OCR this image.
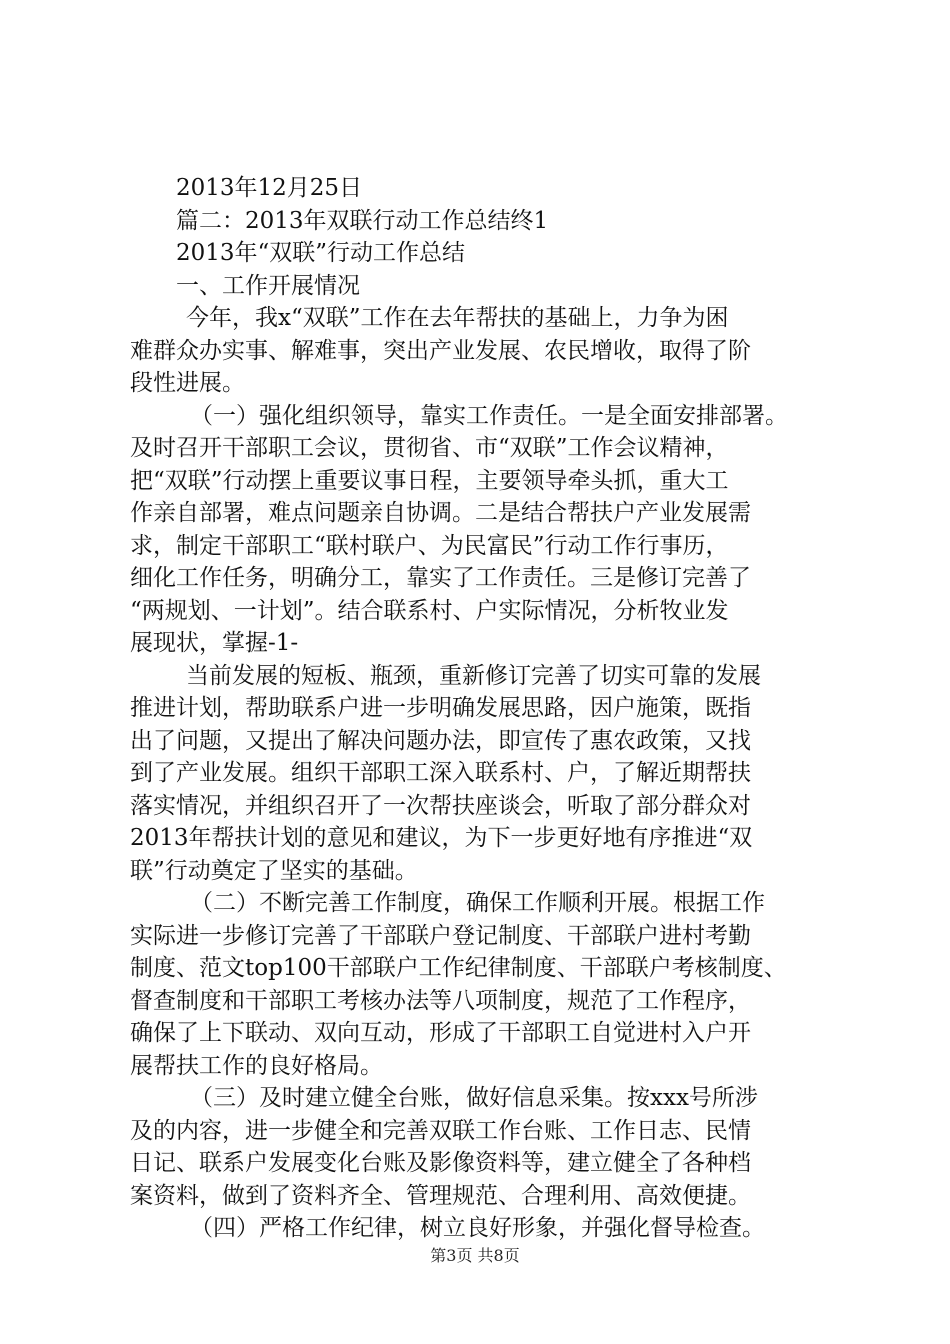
2013年12月25日
篇二：2013年双联行动工作总结终1
2013年“双联”行动工作总结
一、工作开展情况
今年，我x“双联”工作在去年帮扶的基础上，力争为困
难群众办实事、解难事，突出产业发展、农民增收，取得了阶
段性进展。
（一）强化组织领导，靠实工作责任。一是全面安排部署。
及时召开干部职工会议，贯彻省、市“双联”工作会议精神，
把“双联”行动摆上重要议事日程，主要领导牵头抓，重大工
作亲自部署，难点问题亲自协调。二是结合帮扶户产业发展需
求，制定干部职工“联村联户、为民富民”行动工作行事历，
细化工作任务，明确分工，靠实了工作责任。三是修订完善了
“两规划、一计划”。结合联系村、户实际情况，分析牧业发
展现状，掌握-1-
当前发展的短板、瓶颈，重新修订完善了切实可靠的发展
推进计划，帮助联系户进一步明确发展思路，因户施策，既指
出了问题，又提出了解决问题办法，即宣传了惠农政策，又找
到了产业发展。组织干部职工深入联系村、户，了解近期帮扶
落实情况，并组织召开了一次帮扶座谈会，听取了部分群众对
2013年帮扶计划的意见和建议，为下一步更好地有序推进“双
联”行动奠定了坚实的基础。
（二）不断完善工作制度，确保工作顺利开展。根据工作
实际进一步修订完善了干部联户登记制度、干部联户进村考勤
制度、范文top100干部联户工作纪律制度、干部联户考核制度、
督查制度和干部职工考核办法等八项制度，规范了工作程序，
确保了上下联动、双向互动，形成了干部职工自觉进村入户开
展帮扶工作的良好格局。
（三）及时建立健全台账，做好信息采集。按xxx号所涉
及的内容，进一步健全和完善双联工作台账、工作日志、民情
日记、联系户发展变化台账及影像资料等，建立健全了各种档
案资料，做到了资料齐全、管理规范、合理利用、高效便捷。
（四）严格工作纪律，树立良好形象，并强化督导检查。
第3页 共8页
